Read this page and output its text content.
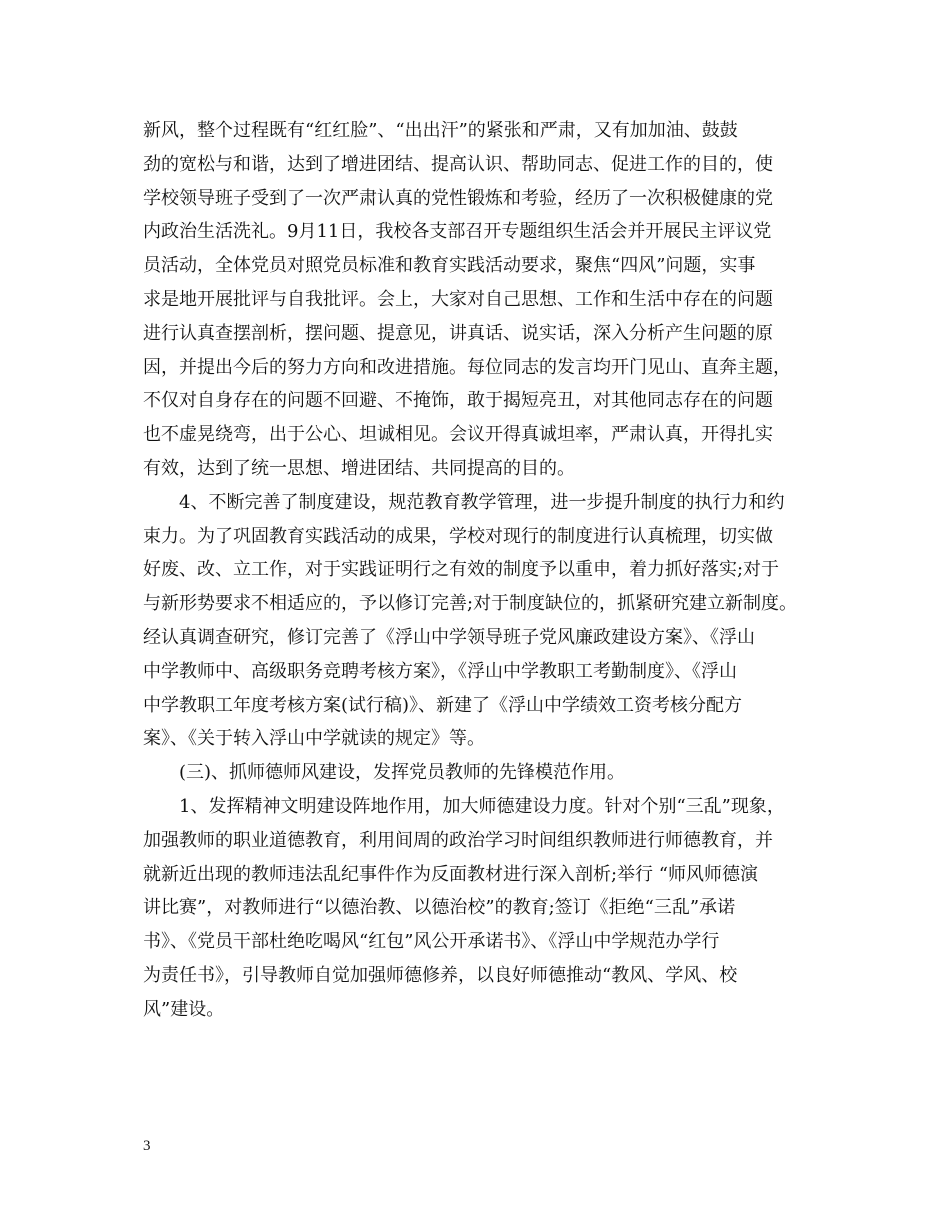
新风，整个过程既有“红红脸”、“出出汗”的紧张和严肃，又有加加油、鼓鼓
劲的宽松与和谐，达到了增进团结、提高认识、帮助同志、促进工作的目的，使
学校领导班子受到了一次严肃认真的党性锻炼和考验，经历了一次积极健康的党
内政治生活洗礼。9月11日，我校各支部召开专题组织生活会并开展民主评议党
员活动，全体党员对照党员标准和教育实践活动要求，聚焦“四风”问题，实事
求是地开展批评与自我批评。会上，大家对自己思想、工作和生活中存在的问题
进行认真查摆剖析，摆问题、提意见，讲真话、说实话，深入分析产生问题的原
因，并提出今后的努力方向和改进措施。每位同志的发言均开门见山、直奔主题，
不仅对自身存在的问题不回避、不掩饰，敢于揭短亮丑，对其他同志存在的问题
也不虚晃绕弯，出于公心、坦诚相见。会议开得真诚坦率，严肃认真，开得扎实
有效，达到了统一思想、增进团结、共同提高的目的。
4、不断完善了制度建设，规范教育教学管理，进一步提升制度的执行力和约
束力。为了巩固教育实践活动的成果，学校对现行的制度进行认真梳理，切实做
好废、改、立工作，对于实践证明行之有效的制度予以重申，着力抓好落实;对于
与新形势要求不相适应的，予以修订完善;对于制度缺位的，抓紧研究建立新制度。
经认真调查研究，修订完善了《浮山中学领导班子党风廉政建设方案》、《浮山
中学教师中、高级职务竞聘考核方案》，《浮山中学教职工考勤制度》、《浮山
中学教职工年度考核方案(试行稿)》、新建了《浮山中学绩效工资考核分配方
案》、《关于转入浮山中学就读的规定》等。
(三)、抓师德师风建设，发挥党员教师的先锋模范作用。
1、发挥精神文明建设阵地作用，加大师德建设力度。针对个别“三乱”现象，
加强教师的职业道德教育，利用间周的政治学习时间组织教师进行师德教育，并
就新近出现的教师违法乱纪事件作为反面教材进行深入剖析;举行 “师风师德演
讲比赛”，对教师进行“以德治教、以德治校”的教育;签订《拒绝“三乱”承诺
书》、《党员干部杜绝吃喝风“红包”风公开承诺书》、《浮山中学规范办学行
为责任书》，引导教师自觉加强师德修养，以良好师德推动“教风、学风、校
风”建设。
3
